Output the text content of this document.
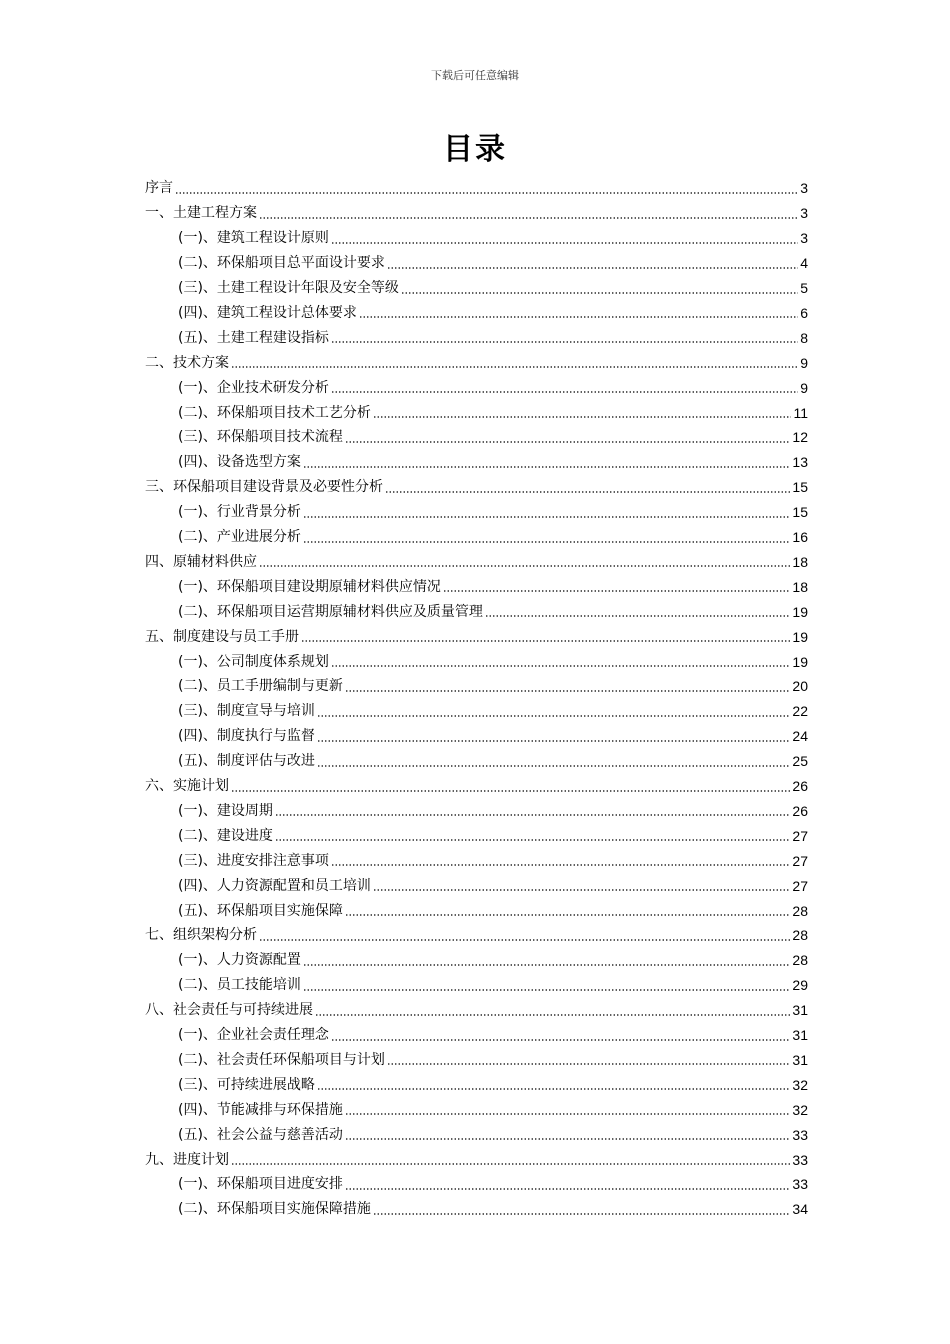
下载后可任意编辑
目录
序言	3
一、土建工程方案	3
(一)、建筑工程设计原则	3
(二)、环保船项目总平面设计要求	4
(三)、土建工程设计年限及安全等级	5
(四)、建筑工程设计总体要求	6
(五)、土建工程建设指标	8
二、技术方案	9
(一)、企业技术研发分析	9
(二)、环保船项目技术工艺分析	11
(三)、环保船项目技术流程	12
(四)、设备选型方案	13
三、环保船项目建设背景及必要性分析	15
(一)、行业背景分析	15
(二)、产业进展分析	16
四、原辅材料供应	18
(一)、环保船项目建设期原辅材料供应情况	18
(二)、环保船项目运营期原辅材料供应及质量管理	19
五、制度建设与员工手册	19
(一)、公司制度体系规划	19
(二)、员工手册编制与更新	20
(三)、制度宣导与培训	22
(四)、制度执行与监督	24
(五)、制度评估与改进	25
六、实施计划	26
(一)、建设周期	26
(二)、建设进度	27
(三)、进度安排注意事项	27
(四)、人力资源配置和员工培训	27
(五)、环保船项目实施保障	28
七、组织架构分析	28
(一)、人力资源配置	28
(二)、员工技能培训	29
八、社会责任与可持续进展	31
(一)、企业社会责任理念	31
(二)、社会责任环保船项目与计划	31
(三)、可持续进展战略	32
(四)、节能减排与环保措施	32
(五)、社会公益与慈善活动	33
九、进度计划	33
(一)、环保船项目进度安排	33
(二)、环保船项目实施保障措施	34
